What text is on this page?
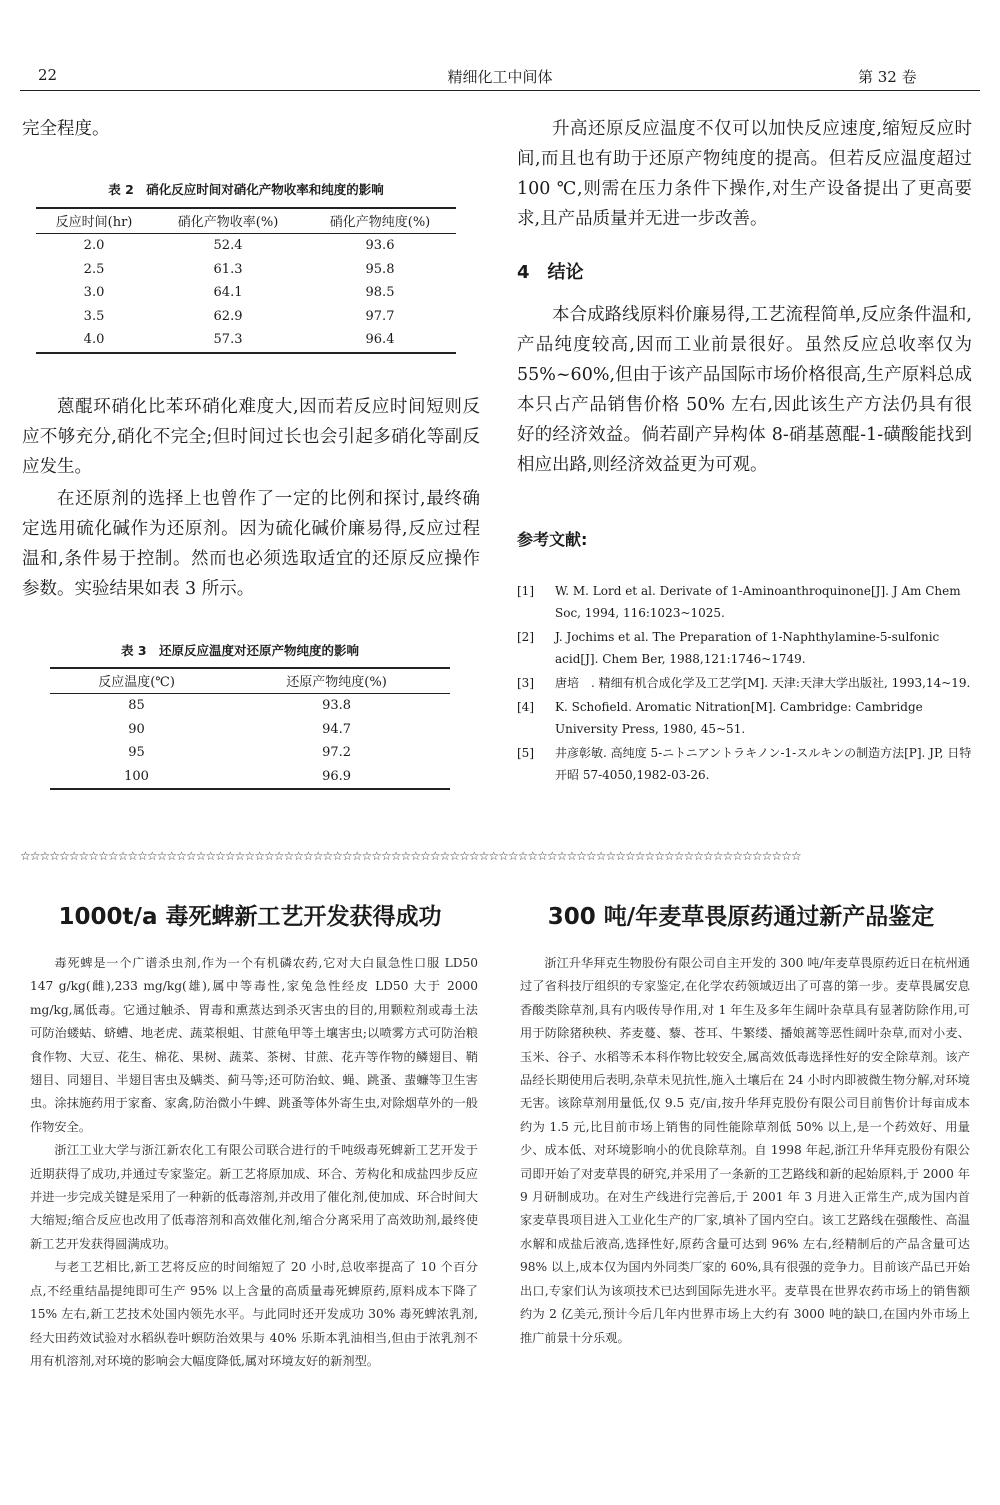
22	精细化工中间体	第 32 卷

完全程度。

表 2　硝化反应时间对硝化产物收率和纯度的影响
反应时间(hr)	硝化产物收率(%)	硝化产物纯度(%)
2.0	52.4	93.6
2.5	61.3	95.8
3.0	64.1	98.5
3.5	62.9	97.7
4.0	57.3	96.4

蒽醌环硝化比苯环硝化难度大,因而若反应时间短则反应不够充分,硝化不完全;但时间过长也会引起多硝化等副反应发生。

在还原剂的选择上也曾作了一定的比例和探讨,最终确定选用硫化碱作为还原剂。因为硫化碱价廉易得,反应过程温和,条件易于控制。然而也必须选取适宜的还原反应操作参数。实验结果如表 3 所示。

表 3　还原反应温度对还原产物纯度的影响
反应温度(℃)	还原产物纯度(%)
85	93.8
90	94.7
95	97.2
100	96.9

升高还原反应温度不仅可以加快反应速度,缩短反应时间,而且也有助于还原产物纯度的提高。但若反应温度超过 100 ℃,则需在压力条件下操作,对生产设备提出了更高要求,且产品质量并无进一步改善。

4　结论

本合成路线原料价廉易得,工艺流程简单,反应条件温和,产品纯度较高,因而工业前景很好。虽然反应总收率仅为 55%~60%,但由于该产品国际市场价格很高,生产原料总成本只占产品销售价格 50% 左右,因此该生产方法仍具有很好的经济效益。倘若副产异构体 8-硝基蒽醌-1-磺酸能找到相应出路,则经济效益更为可观。

参考文献:
[1] W. M. Lord et al. Derivate of 1-Aminoanthroquinone[J]. J Am Chem Soc, 1994, 116:1023~1025.
[2] J. Jochims et al. The Preparation of 1-Naphthylamine-5-sulfonic acid[J]. Chem Ber, 1988,121:1746~1749.
[3] 唐培　. 精细有机合成化学及工艺学[M]. 天津:天津大学出版社, 1993,14~19.
[4] K. Schofield. Aromatic Nitration[M]. Cambridge: Cambridge University Press, 1980, 45~51.
[5] 井彦彰敏. 高纯度 5-ニトニアントラキノン-1-スルキンの制造方法[P]. JP, 日特开昭 57-4050,1982-03-26.
☆☆☆☆☆☆☆☆☆☆☆☆☆☆☆☆☆☆☆☆☆☆☆☆☆☆☆☆☆☆☆☆☆☆☆☆☆☆☆☆☆☆☆☆☆☆☆☆☆☆☆☆☆☆☆☆☆☆☆☆☆☆☆☆☆☆☆☆☆☆☆☆☆☆☆☆☆☆☆☆
1000t/a 毒死蜱新工艺开发获得成功

毒死蜱是一个广谱杀虫剂,作为一个有机磷农药,它对大白鼠急性口服 LD50 147 g/kg(雌),233 mg/kg(雄),属中等毒性,家兔急性经皮 LD50 大于 2000 mg/kg,属低毒。它通过触杀、胃毒和熏蒸达到杀灭害虫的目的,用颗粒剂或毒土法可防治蝼蛄、蛴螬、地老虎、蔬菜根蛆、甘蔗龟甲等土壤害虫;以喷雾方式可防治粮食作物、大豆、花生、棉花、果树、蔬菜、茶树、甘蔗、花卉等作物的鳞翅目、鞘翅目、同翅目、半翅目害虫及螨类、蓟马等;还可防治蚊、蝇、跳蚤、蜚蠊等卫生害虫。涂抹施药用于家畜、家禽,防治微小牛蜱、跳蚤等体外寄生虫,对除烟草外的一般作物安全。

浙江工业大学与浙江新农化工有限公司联合进行的千吨级毒死蜱新工艺开发于近期获得了成功,并通过专家鉴定。新工艺将原加成、环合、芳构化和成盐四步反应并进一步完成关键是采用了一种新的低毒溶剂,并改用了催化剂,使加成、环合时间大大缩短;缩合反应也改用了低毒溶剂和高效催化剂,缩合分离采用了高效助剂,最终使新工艺开发获得圆满成功。

与老工艺相比,新工艺将反应的时间缩短了 20 小时,总收率提高了 10 个百分点,不经重结晶提纯即可生产 95% 以上含量的高质量毒死蜱原药,原料成本下降了 15% 左右,新工艺技术处国内领先水平。与此同时还开发成功 30% 毒死蜱浓乳剂,经大田药效试验对水稻纵卷叶螟防治效果与 40% 乐斯本乳油相当,但由于浓乳剂不用有机溶剂,对环境的影响会大幅度降低,属对环境友好的新剂型。

300 吨/年麦草畏原药通过新产品鉴定

浙江升华拜克生物股份有限公司自主开发的 300 吨/年麦草畏原药近日在杭州通过了省科技厅组织的专家鉴定,在化学农药领域迈出了可喜的第一步。麦草畏属安息香酸类除草剂,具有内吸传导作用,对 1 年生及多年生阔叶杂草具有显著防除作用,可用于防除猪秧秧、荞麦蔓、藜、苍耳、牛繁缕、播娘蒿等恶性阔叶杂草,而对小麦、玉米、谷子、水稻等禾本科作物比较安全,属高效低毒选择性好的安全除草剂。该产品经长期使用后表明,杂草未见抗性,施入土壤后在 24 小时内即被微生物分解,对环境无害。该除草剂用量低,仅 9.5 克/亩,按升华拜克股份有限公司目前售价计每亩成本约为 1.5 元,比目前市场上销售的同性能除草剂低 50% 以上,是一个药效好、用量少、成本低、对环境影响小的优良除草剂。自 1998 年起,浙江升华拜克股份有限公司即开始了对麦草畏的研究,并采用了一条新的工艺路线和新的起始原料,于 2000 年 9 月研制成功。在对生产线进行完善后,于 2001 年 3 月进入正常生产,成为国内首家麦草畏项目进入工业化生产的厂家,填补了国内空白。该工艺路线在强酸性、高温水解和成盐后液高,选择性好,原药含量可达到 96% 左右,经精制后的产品含量可达 98% 以上,成本仅为国内外同类厂家的 60%,具有很强的竞争力。目前该产品已开始出口,专家们认为该项技术已达到国际先进水平。麦草畏在世界农药市场上的销售额约为 2 亿美元,预计今后几年内世界市场上大约有 3000 吨的缺口,在国内外市场上推广前景十分乐观。
